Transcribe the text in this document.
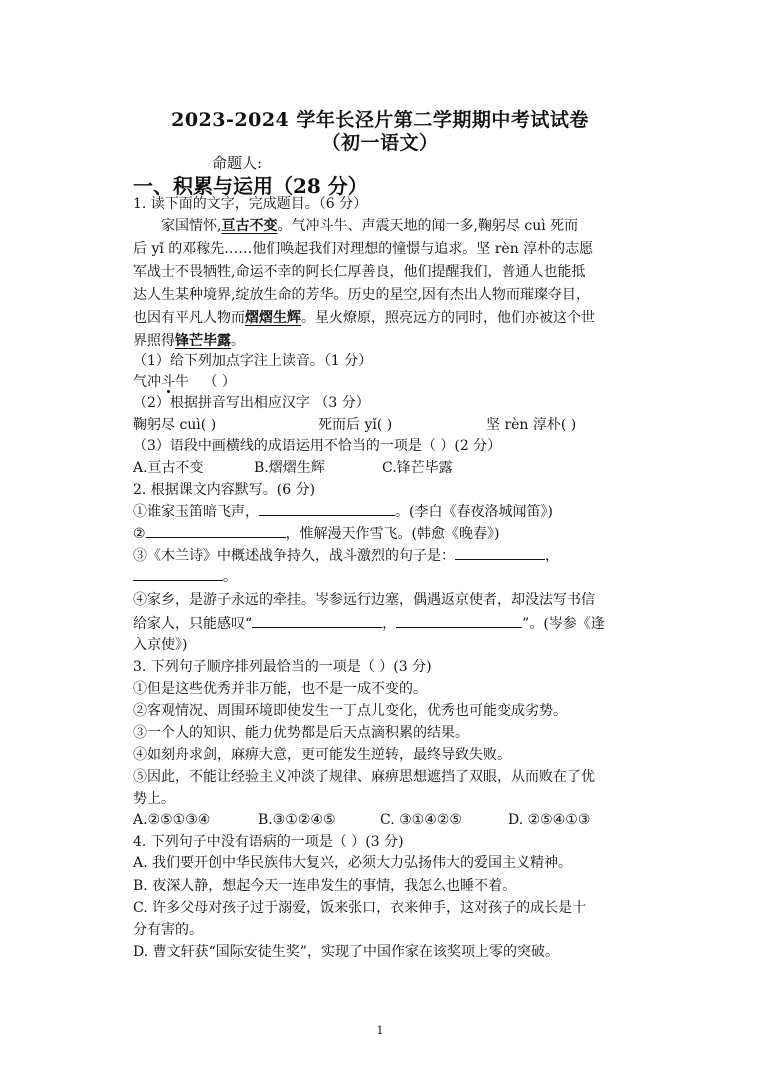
2023-2024 学年长泾片第二学期期中考试试卷
（初一语文）
命题人:
一、积累与运用（28 分）
1. 读下面的文字，完成题目。（6 分）
家国情怀,亘古不变。气冲斗牛、声震天地的闻一多,鞠躬尽 cuì 死而
后 yǐ 的邓稼先……他们唤起我们对理想的憧憬与追求。坚 rèn 淳朴的志愿
军战士不畏牺牲,命运不幸的阿长仁厚善良，他们提醒我们，普通人也能抵
达人生某种境界,绽放生命的芳华。历史的星空,因有杰出人物而璀璨夺目，
也因有平凡人物而熠熠生辉。星火燎原，照亮远方的同时，他们亦被这个世
界照得锋芒毕露。
（1）给下列加点字注上读音。（1 分）
气冲斗牛 （ ）
（2）根据拼音写出相应汉字 （3 分）
鞠躬尽 cuì( )	死而后 yǐ( )	坚 rèn 淳朴( )
（3）语段中画横线的成语运用不恰当的一项是（ ）(2 分）
A.亘古不变	B.熠熠生辉	C.锋芒毕露
2. 根据课文内容默写。(6 分)
①谁家玉笛暗飞声，	。(李白《春夜洛城闻笛》)
②	，惟解漫天作雪飞。(韩愈《晚春》)
③《木兰诗》中概述战争持久，战斗激烈的句子是：	，
。
④家乡，是游子永远的牵挂。岑参远行边塞，偶遇返京使者，却没法写书信
给家人，只能感叹“	，	”。(岑参《逢
入京使》)
3. 下列句子顺序排列最恰当的一项是（ ）(3 分)
①但是这些优秀并非万能，也不是一成不变的。
②客观情况、周围环境即使发生一丁点儿变化，优秀也可能变成劣势。
③一个人的知识、能力优势都是后天点滴积累的结果。
④如刻舟求剑，麻痹大意，更可能发生逆转，最终导致失败。
⑤因此，不能让经验主义冲淡了规律、麻痹思想遮挡了双眼，从而败在了优
势上。
A.②⑤①③④	B.③①②④⑤	C. ③①④②⑤	D. ②⑤④①③
4. 下列句子中没有语病的一项是（ ）(3 分)
A. 我们要开创中华民族伟大复兴，必须大力弘扬伟大的爱国主义精神。
B. 夜深人静，想起今天一连串发生的事情，我怎么也睡不着。
C. 许多父母对孩子过于溺爱，饭来张口，衣来伸手，这对孩子的成长是十
分有害的。
D. 曹文轩获“国际安徒生奖”，实现了中国作家在该奖项上零的突破。
1
